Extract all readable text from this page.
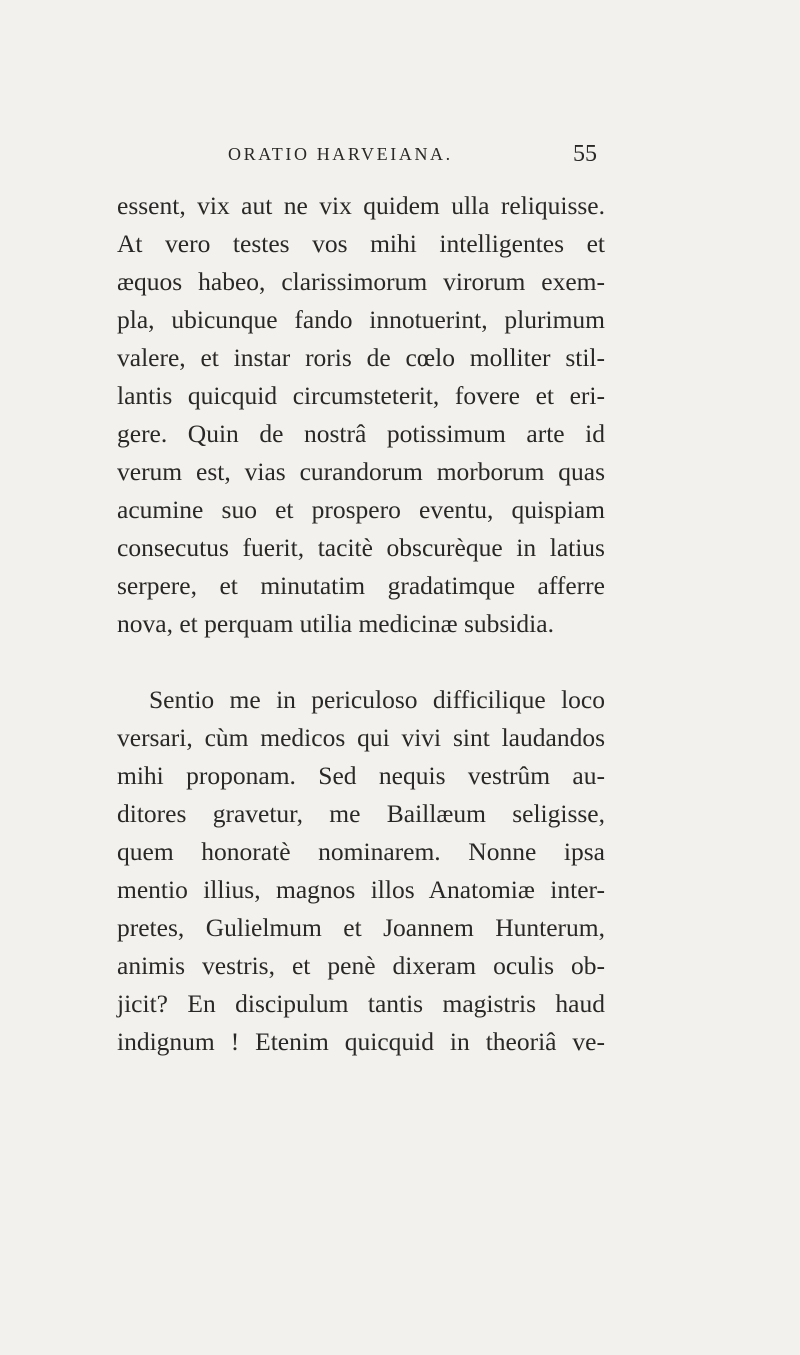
ORATIO HARVEIANA.	55

essent, vix aut ne vix quidem ulla reliquisse.
At vero testes vos mihi intelligentes et
æquos habeo, clarissimorum virorum exem-
pla, ubicunque fando innotuerint, plurimum
valere, et instar roris de cœlo molliter stil-
lantis quicquid circumsteterit, fovere et eri-
gere. Quin de nostrâ potissimum arte id
verum est, vias curandorum morborum quas
acumine suo et prospero eventu, quispiam
consecutus fuerit, tacitè obscurèque in latius
serpere, et minutatim gradatimque afferre
nova, et perquam utilia medicinæ subsidia.

Sentio me in periculoso difficilique loco
versari, cùm medicos qui vivi sint laudandos
mihi proponam. Sed nequis vestrûm au-
ditores gravetur, me Baillæum seligisse,
quem honoratè nominarem. Nonne ipsa
mentio illius, magnos illos Anatomiæ inter-
pretes, Gulielmum et Joannem Hunterum,
animis vestris, et penè dixeram oculis ob-
jicit? En discipulum tantis magistris haud
indignum ! Etenim quicquid in theoriâ ve-
